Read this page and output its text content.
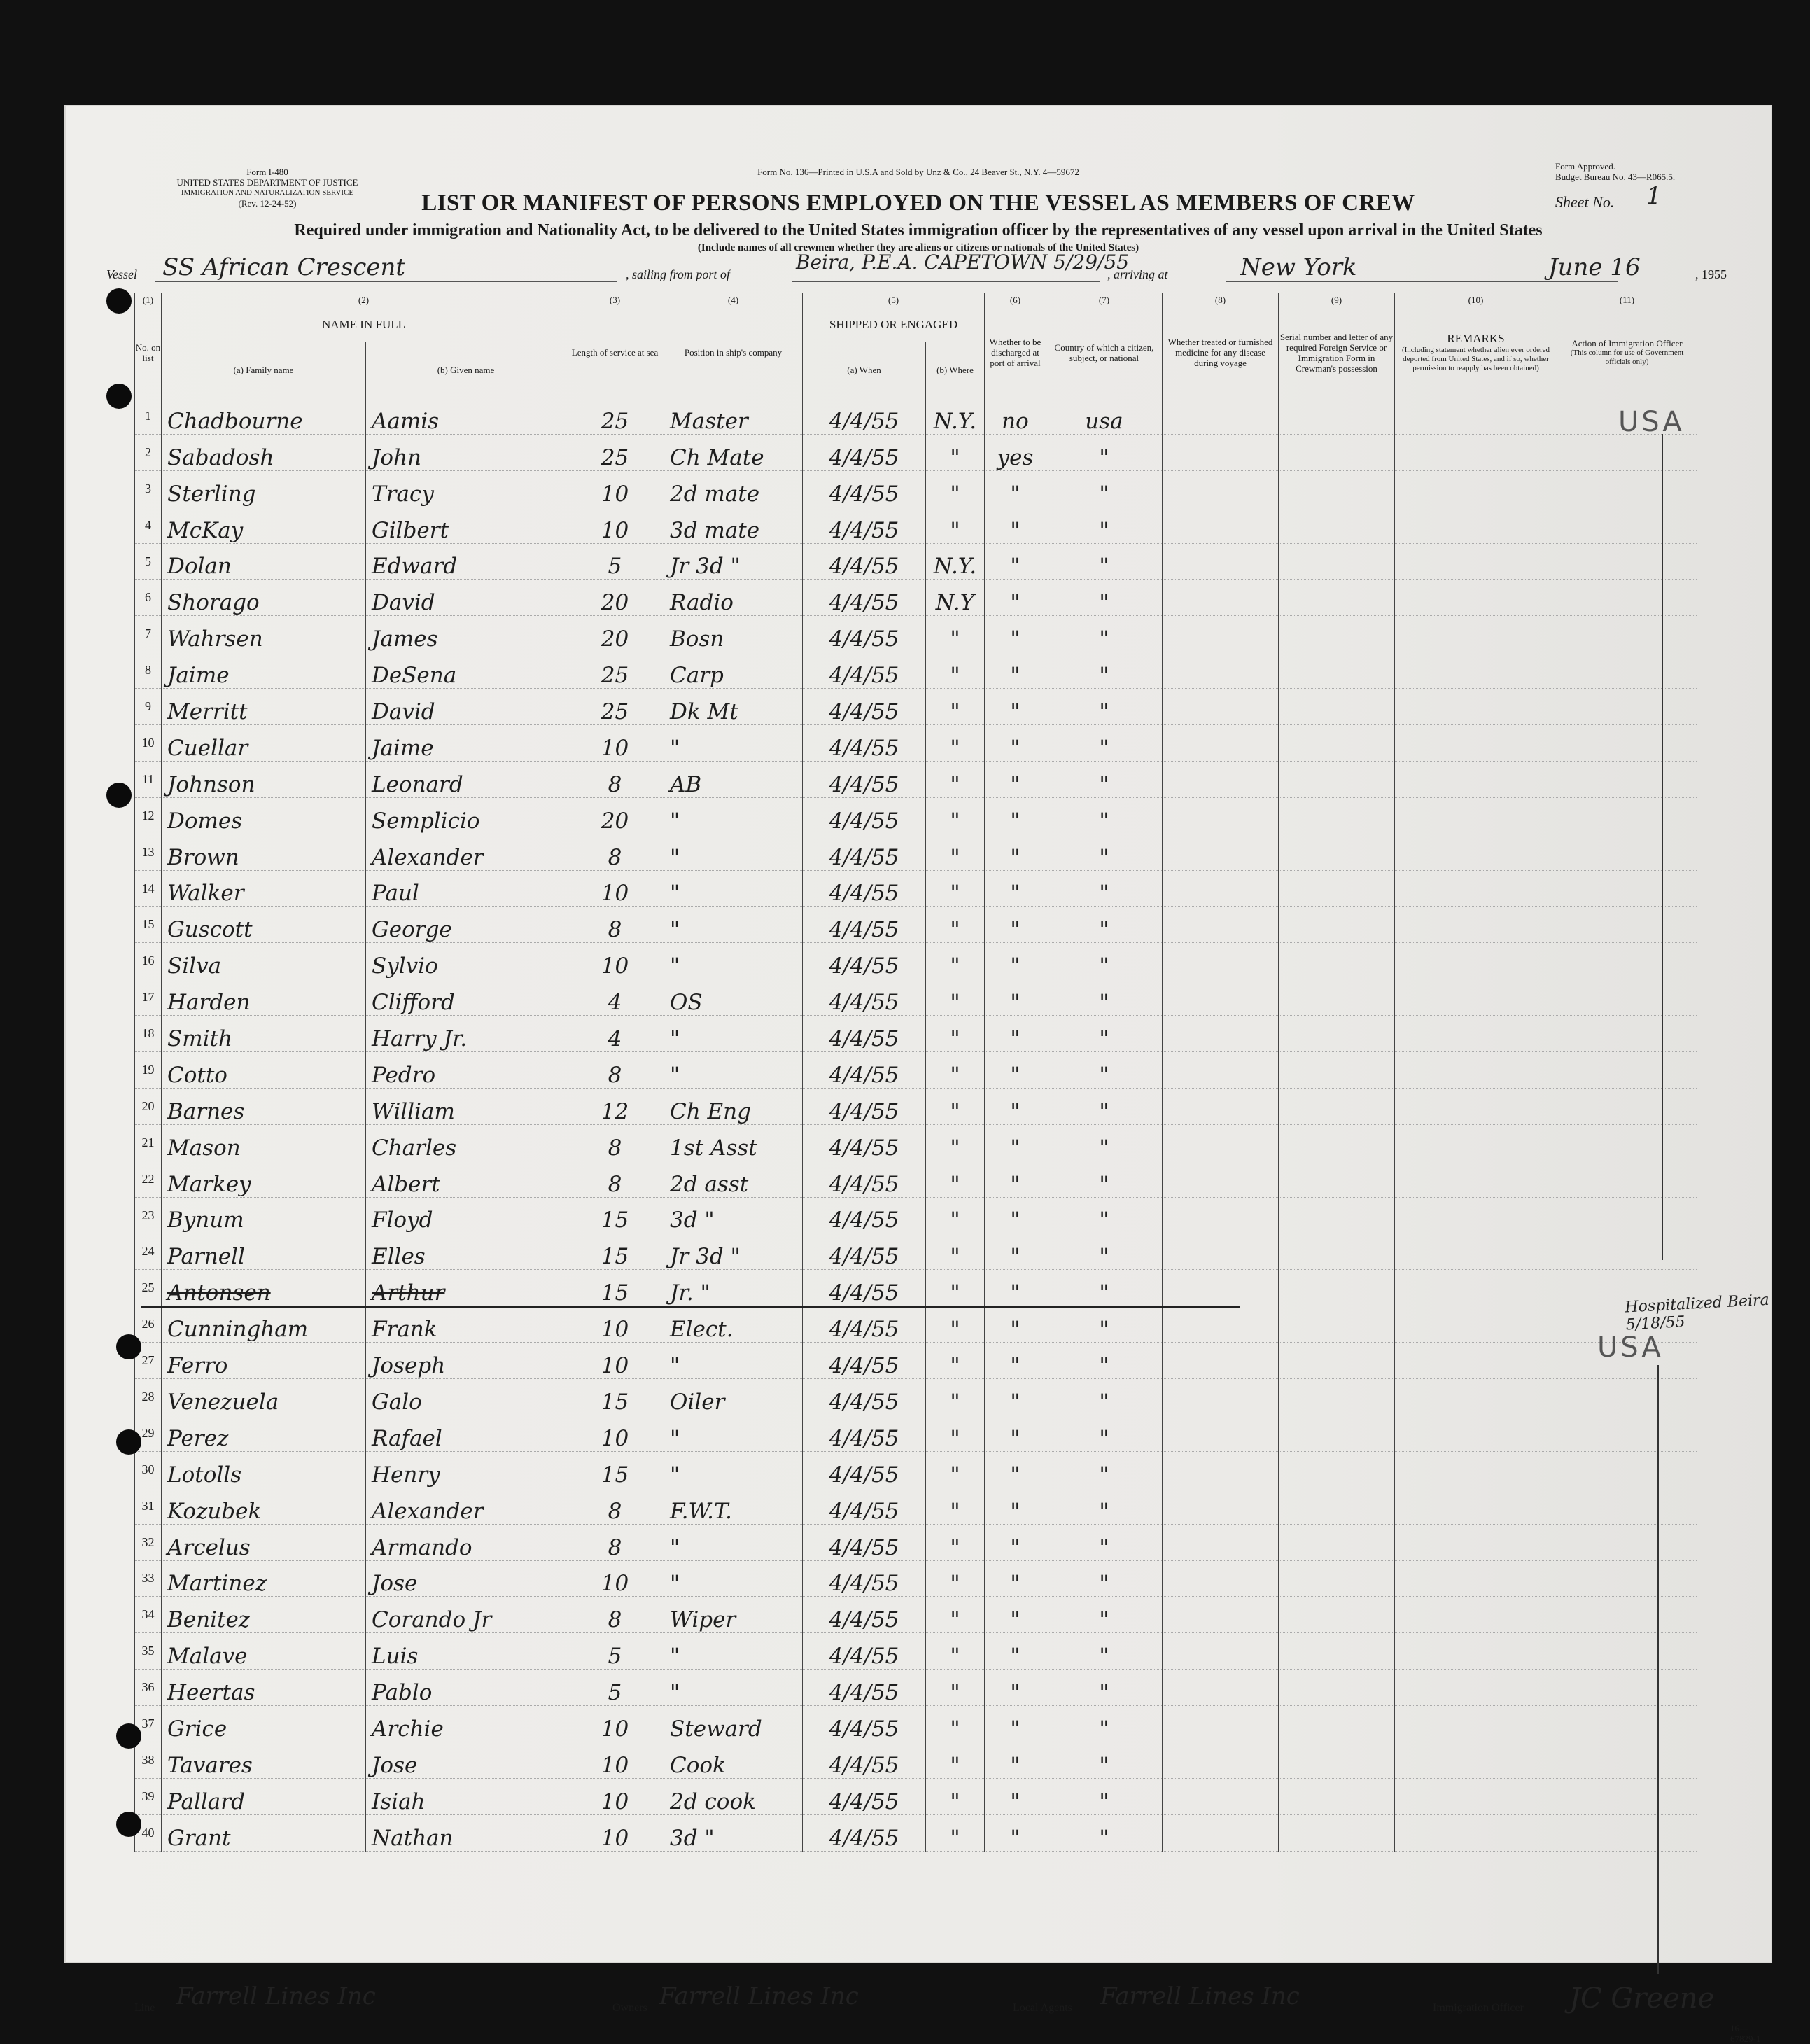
Form I-480
UNITED STATES DEPARTMENT OF JUSTICE
IMMIGRATION AND NATURALIZATION SERVICE
(Rev. 12-24-52)
Form No. 136—Printed in U.S.A and Sold by Unz & Co., 24 Beaver St., N.Y. 4—59672
Form Approved.
Budget Bureau No. 43—R065.5.
LIST OR MANIFEST OF PERSONS EMPLOYED ON THE VESSEL AS MEMBERS OF CREW	Sheet No. 1
Required under immigration and Nationality Act, to be delivered to the United States immigration officer by the representatives of any vessel upon arrival in the United States
(Include names of all crewmen whether they are aliens or citizens or nationals of the United States)
Vessel SS African Crescent	, sailing from port of
Beira, P.E.A. CAPETOWN 5/29/55
, arriving at	New York	June 16	, 1955
(1)	(2)		(3)	(4)	(5)		(6)	(7)	(8)	(9)	(10)	(11)

No. on list	NAME IN FULL		Length of service at sea	Position in ship's company	SHIPPED OR ENGAGED		Whether to be discharged at port of arrival	Country of which a citizen, subject, or national	Whether treated or furnished medicine for any disease during voyage	Serial number and letter of any required Foreign Service or Immigration Form in Crewman's possession	REMARKS
(Including statement whether alien ever ordered deported from United States, and if so, whether permission to reapply has been obtained)	Action of Immigration Officer
(This column for use of Government officials only)

	(a) Family name	(b) Given name			(a) When	(b) Where						

1	Chadbourne	Aamis	25	Master	4/4/55	N.Y.	no	usa				
2	Sabadosh	John	25	Ch Mate	4/4/55	"	yes	"				
3	Sterling	Tracy	10	2d mate	4/4/55	"	"	"				
4	McKay	Gilbert	10	3d mate	4/4/55	"	"	"				
5	Dolan	Edward	5	Jr 3d "	4/4/55	N.Y.	"	"				
6	Shorago	David	20	Radio	4/4/55	N.Y	"	"				
7	Wahrsen	James	20	Bosn	4/4/55	"	"	"				
8	Jaime	DeSena	25	Carp	4/4/55	"	"	"				
9	Merritt	David	25	Dk Mt	4/4/55	"	"	"				
10	Cuellar	Jaime	10	"	4/4/55	"	"	"				
11	Johnson	Leonard	8	AB	4/4/55	"	"	"				
12	Domes	Semplicio	20	"	4/4/55	"	"	"				
13	Brown	Alexander	8	"	4/4/55	"	"	"				
14	Walker	Paul	10	"	4/4/55	"	"	"				
15	Guscott	George	8	"	4/4/55	"	"	"				
16	Silva	Sylvio	10	"	4/4/55	"	"	"				
17	Harden	Clifford	4	OS	4/4/55	"	"	"				
18	Smith	Harry Jr.	4	"	4/4/55	"	"	"				
19	Cotto	Pedro	8	"	4/4/55	"	"	"				
20	Barnes	William	12	Ch Eng	4/4/55	"	"	"				
21	Mason	Charles	8	1st Asst	4/4/55	"	"	"				
22	Markey	Albert	8	2d asst	4/4/55	"	"	"				
23	Bynum	Floyd	15	3d "	4/4/55	"	"	"				
24	Parnell	Elles	15	Jr 3d "	4/4/55	"	"	"				
25	Antonsen	Arthur	15	Jr. "	4/4/55	"	"	"				
26	Cunningham	Frank	10	Elect.	4/4/55	"	"	"				
27	Ferro	Joseph	10	"	4/4/55	"	"	"				
28	Venezuela	Galo	15	Oiler	4/4/55	"	"	"				
29	Perez	Rafael	10	"	4/4/55	"	"	"				
30	Lotolls	Henry	15	"	4/4/55	"	"	"				
31	Kozubek	Alexander	8	F.W.T.	4/4/55	"	"	"				
32	Arcelus	Armando	8	"	4/4/55	"	"	"				
33	Martinez	Jose	10	"	4/4/55	"	"	"				
34	Benitez	Corando Jr	8	Wiper	4/4/55	"	"	"				
35	Malave	Luis	5	"	4/4/55	"	"	"				
36	Heertas	Pablo	5	"	4/4/55	"	"	"				
37	Grice	Archie	10	Steward	4/4/55	"	"	"				
38	Tavares	Jose	10	Cook	4/4/55	"	"	"				
39	Pallard	Isiah	10	2d cook	4/4/55	"	"	"				
40	Grant	Nathan	10	3d "	4/4/55	"	"	"				
USA
USA
Hospitalized Beira 5/18/55
Line Farrell Lines Inc	Owners Farrell Lines Inc	Local Agents Farrell Lines Inc	Immigration Officer JC Greene
16—67829-1
